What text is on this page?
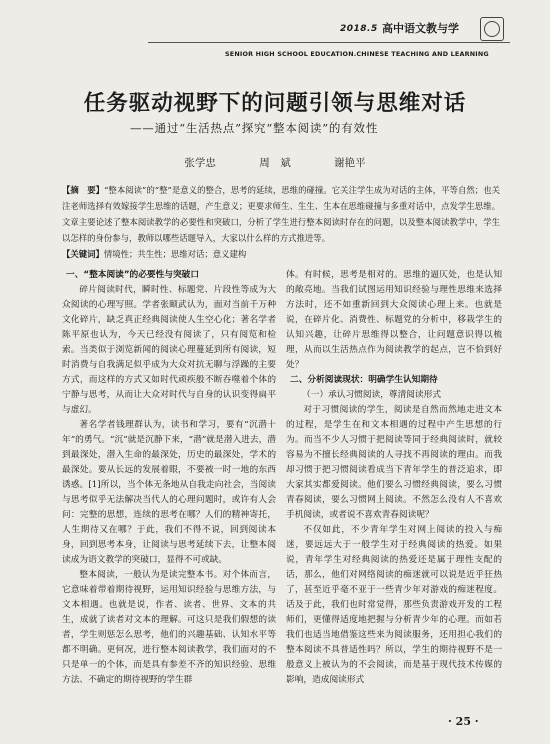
2018.5 高中语文教与学
SENIOR HIGH SCHOOL EDUCATION.CHINESE TEACHING AND LEARNING
任务驱动视野下的问题引领与思维对话
——通过“生活热点”探究“整本阅读”的有效性
张学忠	周　斌	谢艳平
【摘　要】“整本阅读”的“整”是意义的整合，思考的延续，思维的碰撞。它关注学生成为对话的主体，平等自然；也关注老师选择有效嫁接学生思维的话题，产生意义；更要求师生、生生、生本在思维碰撞与多重对话中，点发学生思维。文章主要论述了整本阅读教学的必要性和突破口，分析了学生进行整本阅读时存在的问题，以及整本阅读教学中，学生以怎样的身份参与，教师以哪些话题导入，大家以什么样的方式推进等。
【关键词】情境性；共生性；思维对话；意义建构

一、“整本阅读”的必要性与突破口

碎片阅读时代，瞬时性、标题党、片段性等成为大众阅读的心理写照。学者张颐武认为，面对当前千万种文化碎片，缺乏真正经典阅读使人生空心化；著名学者陈平原也认为，今天已经没有阅读了，只有阅览和检索。当类似于浏览新闻的阅读心理蔓延到所有阅读，短时消费与自我满足似乎成为大众对抗无聊与浮躁的主要方式，而这样的方式又如时代顽疾般不断吞噬着个体的宁静与思考，从而让大众对时代与自身的认识变得扁平与虚幻。

著名学者钱理群认为，读书和学习，要有“沉潜十年”的勇气。“沉”就是沉静下来，“潜”就是潜入进去，潜到最深处，潜入生命的最深处，历史的最深处，学术的最深处。要从长远的发展着眼，不要被一时一地的东西诱惑。[1]所以，当个体无条地从自我走向社会，当阅读与思考似乎无法解决当代人的心理问题时，或许有人会问：完整的思想，连续的思考在哪？人们的精神寄托，人生期待又在哪？于此，我们不得不说，回到阅读本身，回到思考本身，让阅读与思考延续下去，让整本阅读成为语文教学的突破口，显得不可或缺。

整本阅读，一般认为是读完整本书。对个体而言，它意味着带着期待视野，运用知识经验与思维方法，与文本相遇。也就是说，作者、读者、世界、文本的共生，成就了读者对文本的理解。可这只是我们假想的读者，学生则惩怎么思考，他们的兴趣基础、认知水平等都不明确。更何况，进行整本阅读教学，我们面对的不只是单一的个体，而是具有参差不齐的知识经验、思维方法、不确定的期待视野的学生群

体。有时候，思考是相对的。思维的逼仄处，也是认知的敞亮地。当我们试图运用知识经验与理性思维来选择方法时，还不如重新回到大众阅读心理上来。也就是说，在碎片化、消费性、标题党的分析中，移栽学生的认知兴趣，让碎片思维得以整合，让问题意识得以梳理，从而以生活热点作为阅读教学的起点，岂不恰到好处？

二、分析阅读现状：明确学生认知期待

（一）承认习惯阅读，尊清阅读形式

对于习惯阅读的学生，阅读是自然而然地走进文本的过程，是学生在和文本相遇的过程中产生思想的行为。而当不少人习惯于把阅读等同于经典阅读时，就较容易为不擅长经典阅读的人寻找不再阅读的理由。而我却习惯于把习惯阅读看成当下青年学生的普泛追求，即大家其实都爱阅读。他们要么习惯经典阅读，要么习惯青春阅读，要么习惯网上阅读。不然怎么没有人不喜欢手机阅读，或者说不喜欢青春阅读呢？

不仅如此，不少青年学生对网上阅读的投入与痴迷，要远远大于一般学生对于经典阅读的热爱。如果说，青年学生对经典阅读的热爱还是属于理性支配的话，那么，他们对网络阅读的痴迷就可以说是近乎狂热了，甚至近乎毫不亚于一些青少年对游戏的痴迷程度。话及于此，我们也时常觉得，那些负责游戏开发的工程师们，更懂得适度地把握与分析青少年的心理。而如若我们也适当地借鉴这些来为阅读服务，还用担心我们的整本阅读不具普适性吗？所以，学生的期待视野不是一般意义上被认为的不会阅读，而是基于现代技术传媒的影响，造成阅读形式

· 25 ·
